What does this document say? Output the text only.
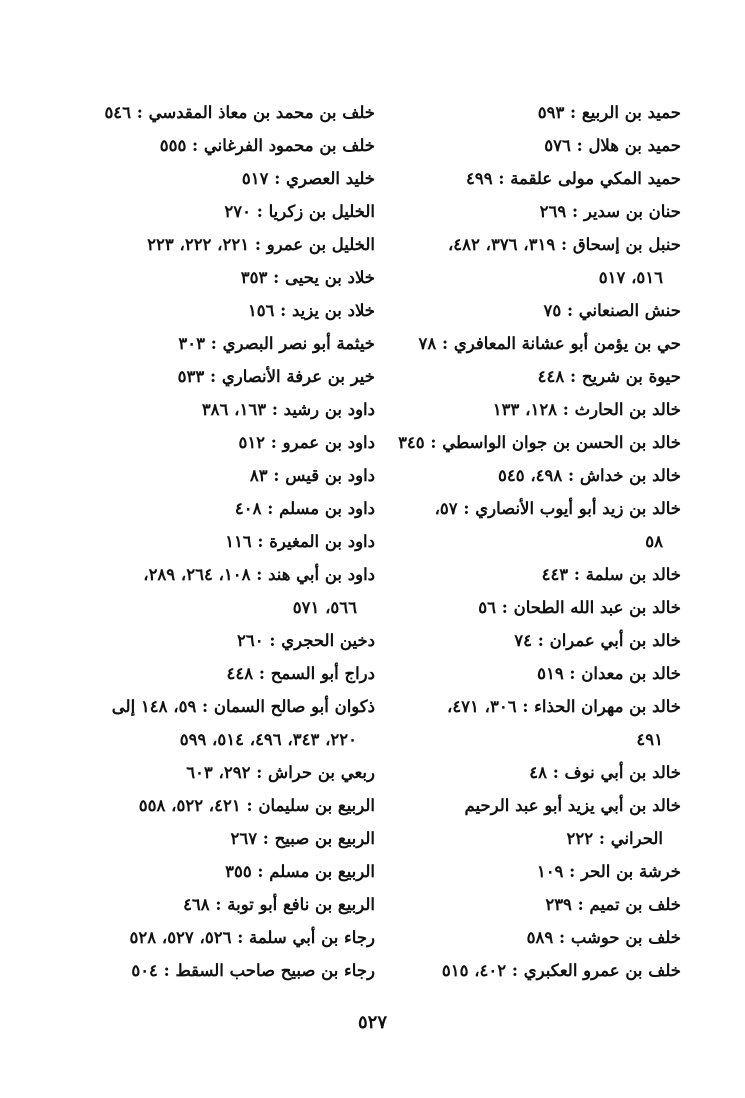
حميد بن الربيع : ٥٩٣

حميد بن هلال : ٥٧٦

حميد المكي مولى علقمة : ٤٩٩

حنان بن سدير : ٢٦٩

حنبل بن إسحاق : ٣١٩، ٣٧٦، ٤٨٢،
٥١٦، ٥١٧

حنش الصنعاني : ٧٥

حي بن يؤمن أبو عشانة المعافري : ٧٨

حيوة بن شريح : ٤٤٨

خالد بن الحارث : ١٢٨، ١٣٣

خالد بن الحسن بن جوان الواسطي : ٣٤٥

خالد بن خداش : ٤٩٨، ٥٤٥

خالد بن زيد أبو أيوب الأنصاري : ٥٧،
٥٨

خالد بن سلمة : ٤٤٣

خالد بن عبد الله الطحان : ٥٦

خالد بن أبي عمران : ٧٤

خالد بن معدان : ٥١٩

خالد بن مهران الحذاء : ٣٠٦، ٤٧١،
٤٩١

خالد بن أبي نوف : ٤٨

خالد بن أبي يزيد أبو عبد الرحيم
الحراني : ٢٢٢

خرشة بن الحر : ١٠٩

خلف بن تميم : ٢٣٩

خلف بن حوشب : ٥٨٩

خلف بن عمرو العكبري : ٤٠٢، ٥١٥

خلف بن محمد بن معاذ المقدسي : ٥٤٦

خلف بن محمود الفرغاني : ٥٥٥

خليد العصري : ٥١٧

الخليل بن زكريا : ٢٧٠

الخليل بن عمرو : ٢٢١، ٢٢٢، ٢٢٣

خلاد بن يحيى : ٣٥٣

خلاد بن يزيد : ١٥٦

خيثمة أبو نصر البصري : ٣٠٣

خير بن عرفة الأنصاري : ٥٣٣

داود بن رشيد : ١٦٣، ٣٨٦

داود بن عمرو : ٥١٢

داود بن قيس : ٨٣

داود بن مسلم : ٤٠٨

داود بن المغيرة : ١١٦

داود بن أبي هند : ١٠٨، ٢٦٤، ٢٨٩،
٥٦٦، ٥٧١

دخين الحجري : ٢٦٠

دراج أبو السمح : ٤٤٨

ذكوان أبو صالح السمان : ٥٩، ١٤٨ إلى
٢٢٠، ٣٤٣، ٤٩٦، ٥١٤، ٥٩٩

ربعي بن حراش : ٢٩٢، ٦٠٣

الربيع بن سليمان : ٤٢١، ٥٢٢، ٥٥٨

الربيع بن صبيح : ٢٦٧

الربيع بن مسلم : ٣٥٥

الربيع بن نافع أبو توبة : ٤٦٨

رجاء بن أبي سلمة : ٥٢٦، ٥٢٧، ٥٢٨

رجاء بن صبيح صاحب السقط : ٥٠٤

٥٢٧
